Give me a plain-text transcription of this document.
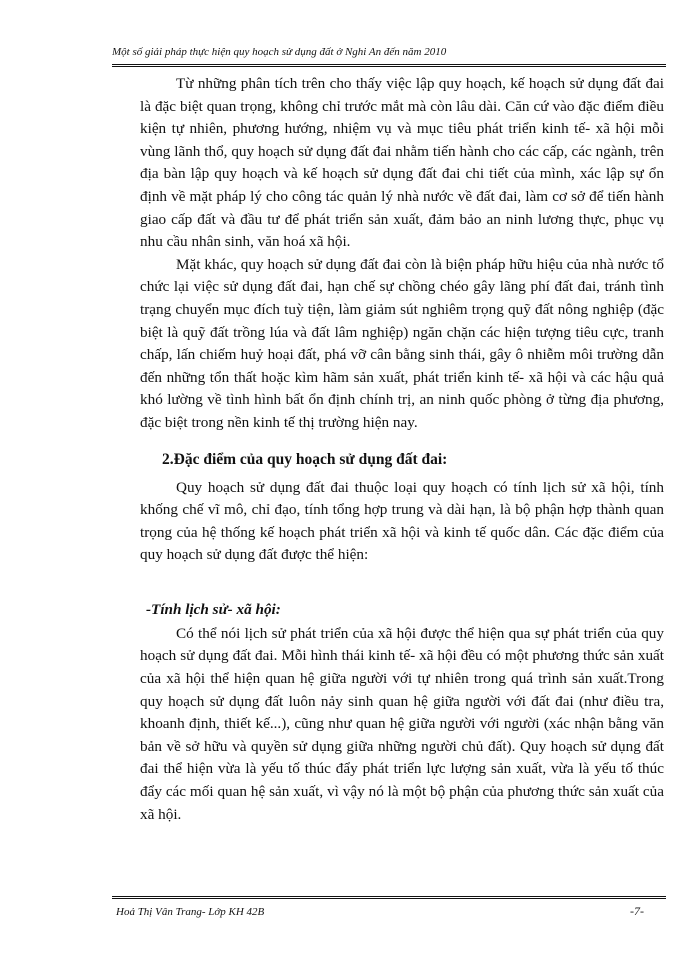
Một số giải pháp thực hiện quy hoạch sử dụng đất ở Nghi An đến năm 2010

Từ những phân tích trên cho thấy việc lập quy hoạch, kế hoạch sử dụng đất đai là đặc biệt quan trọng, không chỉ trước mắt mà còn lâu dài. Căn cứ vào đặc điểm điều kiện tự nhiên, phương hướng, nhiệm vụ và mục tiêu phát triển kinh tế- xã hội mỗi vùng lãnh thổ, quy hoạch sử dụng đất đai nhằm tiến hành cho các cấp, các ngành, trên địa bàn lập quy hoạch và kế hoạch sử dụng đất đai chi tiết của mình, xác lập sự ổn định về mặt pháp lý cho công tác quản lý nhà nước về đất đai, làm cơ sở để tiến hành giao cấp đất và đầu tư để phát triển sản xuất, đảm bảo an ninh lương thực, phục vụ nhu cầu nhân sinh, văn hoá xã hội.

Mặt khác, quy hoạch sử dụng đất đai còn là biện pháp hữu hiệu của nhà nước tổ chức lại việc sử dụng đất đai, hạn chế sự chồng chéo gây lãng phí đất đai, tránh tình trạng chuyển mục đích tuỳ tiện, làm giảm sút nghiêm trọng quỹ đất nông nghiệp (đặc biệt là quỹ đất trồng lúa và đất lâm nghiệp) ngăn chặn các hiện tượng tiêu cực, tranh chấp, lấn chiếm huỷ hoại đất, phá vỡ cân bằng sinh thái, gây ô nhiễm môi trường dẫn đến những tổn thất hoặc kìm hãm sản xuất, phát triển kinh tế- xã hội và các hậu quả khó lường về tình hình bất ổn định chính trị, an ninh quốc phòng ở từng địa phương, đặc biệt trong nền kinh tế thị trường hiện nay.

2.Đặc điểm của quy hoạch sử dụng đất đai:

Quy hoạch sử dụng đất đai thuộc loại quy hoạch có tính lịch sử xã hội, tính khống chế vĩ mô, chỉ đạo, tính tổng hợp trung và dài hạn, là bộ phận hợp thành quan trọng của hệ thống kế hoạch phát triển xã hội và kinh tế quốc dân. Các đặc điểm của quy hoạch sử dụng đất được thể hiện:

-Tính lịch sử- xã hội:

Có thể nói lịch sử phát triển của xã hội được thể hiện qua sự phát triển của quy hoạch sử dụng đất đai. Mỗi hình thái kinh tế- xã hội đều có một phương thức sản xuất của xã hội thể hiện quan hệ giữa người với tự nhiên trong quá trình sản xuất.Trong quy hoạch sử dụng đất luôn nảy sinh quan hệ giữa người với đất đai (như điều tra, khoanh định, thiết kế...), cũng như quan hệ giữa người với người (xác nhận bằng văn bản về sở hữu và quyền sử dụng giữa những người chủ đất). Quy hoạch sử dụng đất đai thể hiện vừa là yếu tố thúc đẩy phát triển lực lượng sản xuất, vừa là yếu tố thúc đẩy các mối quan hệ sản xuất, vì vậy nó là một bộ phận của phương thức sản xuất của xã hội.

Hoả Thị Vân Trang- Lớp KH 42B	-7-
